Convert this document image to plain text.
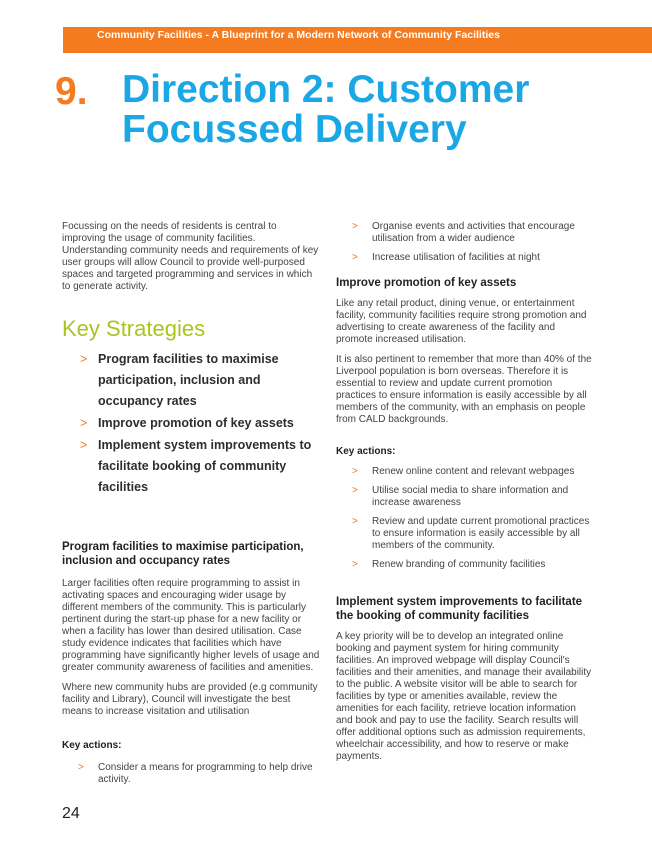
Community Facilities - A Blueprint for a Modern Network of Community Facilities
9. Direction 2: Customer Focussed Delivery

Focussing on the needs of residents is central to improving the usage of community facilities. Understanding community needs and requirements of key user groups will allow Council to provide well-purposed spaces and targeted programming and services in which to generate activity.

Key Strategies
> Program facilities to maximise participation, inclusion and occupancy rates
> Improve promotion of key assets
> Implement system improvements to facilitate booking of community facilities
Program facilities to maximise participation, inclusion and occupancy rates

Larger facilities often require programming to assist in activating spaces and encouraging wider usage by different members of the community. This is particularly pertinent during the start-up phase for a new facility or when a facility has lower than desired utilisation. Case study evidence indicates that facilities which have programming have significantly higher levels of usage and greater community awareness of facilities and amenities.

Where new community hubs are provided (e.g community facility and Library), Council will investigate the best means to increase visitation and utilisation

Key actions:
> Consider a means for programming to help drive activity.
> Organise events and activities that encourage utilisation from a wider audience
> Increase utilisation of facilities at night
Improve promotion of key assets

Like any retail product, dining venue, or entertainment facility, community facilities require strong promotion and advertising to create awareness of the facility and promote increased utilisation.

It is also pertinent to remember that more than 40% of the Liverpool population is born overseas. Therefore it is essential to review and update current promotion practices to ensure information is easily accessible by all members of the community, with an emphasis on people from CALD backgrounds.

Key actions:
> Renew online content and relevant webpages
> Utilise social media to share information and increase awareness
> Review and update current promotional practices to ensure information is easily accessible by all members of the community.
> Renew branding of community facilities
Implement system improvements to facilitate the booking of community facilities

A key priority will be to develop an integrated online booking and payment system for hiring community facilities. An improved webpage will display Council's facilities and their amenities, and manage their availability to the public. A website visitor will be able to search for facilities by type or amenities available, review the amenities for each facility, retrieve location information and book and pay to use the facility. Search results will offer additional options such as admission requirements, wheelchair accessibility, and how to reserve or make payments.

24
